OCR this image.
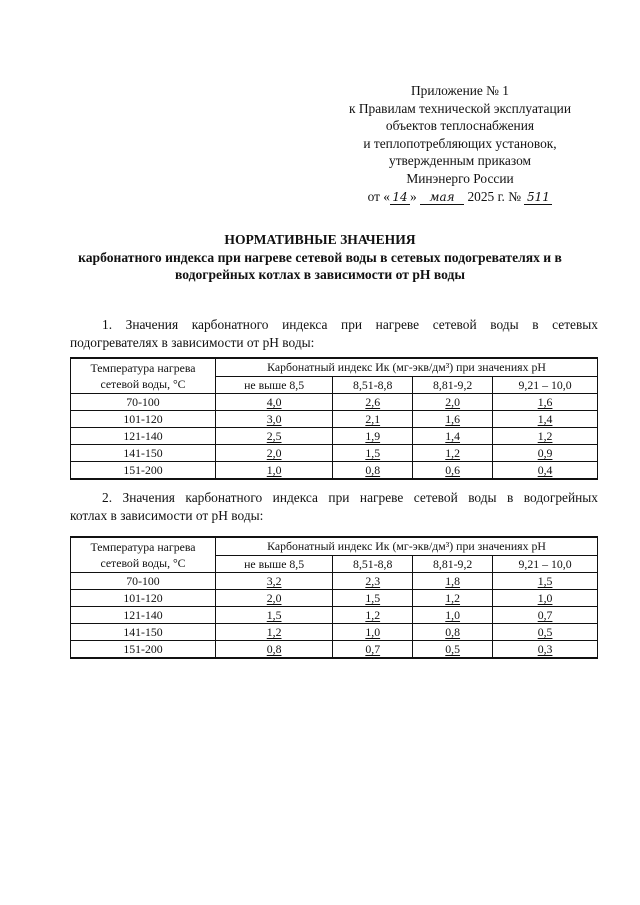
Приложение № 1
к Правилам технической эксплуатации
объектов теплоснабжения
и теплопотребляющих установок,
утвержденным приказом
Минэнерго России
от « 14 » мая 2025 г. № 511
НОРМАТИВНЫЕ ЗНАЧЕНИЯ
карбонатного индекса при нагреве сетевой воды в сетевых подогревателях и в водогрейных котлах в зависимости от pH воды
1. Значения карбонатного индекса при нагреве сетевой воды в сетевых
подогревателях в зависимости от pH воды:
Температура нагрева сетевой воды, °С	Карбонатный индекс Ик (мг-экв/дм³) при значениях pH			
	не выше 8,5	8,51-8,8	8,81-9,2	9,21 – 10,0
70-100	4,0	2,6	2,0	1,6
101-120	3,0	2,1	1,6	1,4
121-140	2,5	1,9	1,4	1,2
141-150	2,0	1,5	1,2	0,9
151-200	1,0	0,8	0,6	0,4
2. Значения карбонатного индекса при нагреве сетевой воды в водогрейных
котлах в зависимости от pH воды:
Температура нагрева сетевой воды, °С	Карбонатный индекс Ик (мг-экв/дм³) при значениях pH			
	не выше 8,5	8,51-8,8	8,81-9,2	9,21 – 10,0
70-100	3,2	2,3	1,8	1,5
101-120	2,0	1,5	1,2	1,0
121-140	1,5	1,2	1,0	0,7
141-150	1,2	1,0	0,8	0,5
151-200	0,8	0,7	0,5	0,3
